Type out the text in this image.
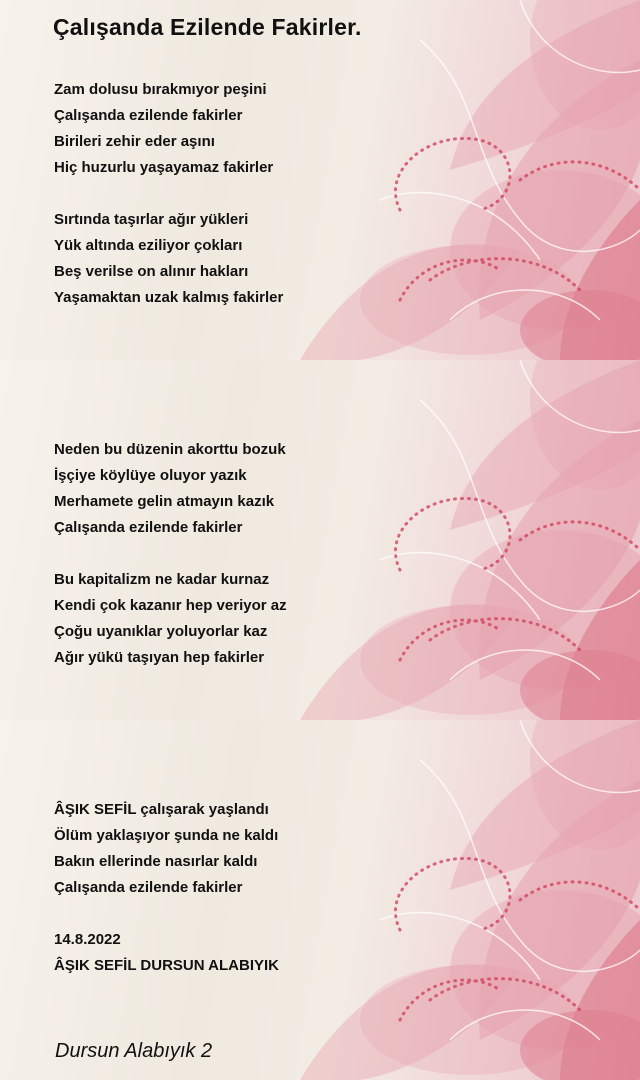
Çalışanda Ezilende Fakirler.
Zam dolusu bırakmıyor peşini
Çalışanda ezilende fakirler
Birileri zehir eder aşını
Hiç huzurlu yaşayamaz fakirler
Sırtında taşırlar ağır yükleri
Yük altında eziliyor çokları
Beş verilse on alınır hakları
Yaşamaktan uzak kalmış fakirler
Neden bu düzenin akorttu bozuk
İşçiye köylüye oluyor yazık
Merhamete gelin atmayın kazık
Çalışanda ezilende fakirler
Bu kapitalizm ne kadar kurnaz
Kendi çok kazanır hep veriyor az
Çoğu uyanıklar yoluyorlar kaz
Ağır yükü taşıyan hep fakirler
ÂŞIK SEFİL çalışarak yaşlandı
Ölüm yaklaşıyor şunda ne kaldı
Bakın ellerinde nasırlar kaldı
Çalışanda ezilende fakirler
14.8.2022
ÂŞIK SEFİL DURSUN ALABIYIK
Dursun Alabıyık 2
